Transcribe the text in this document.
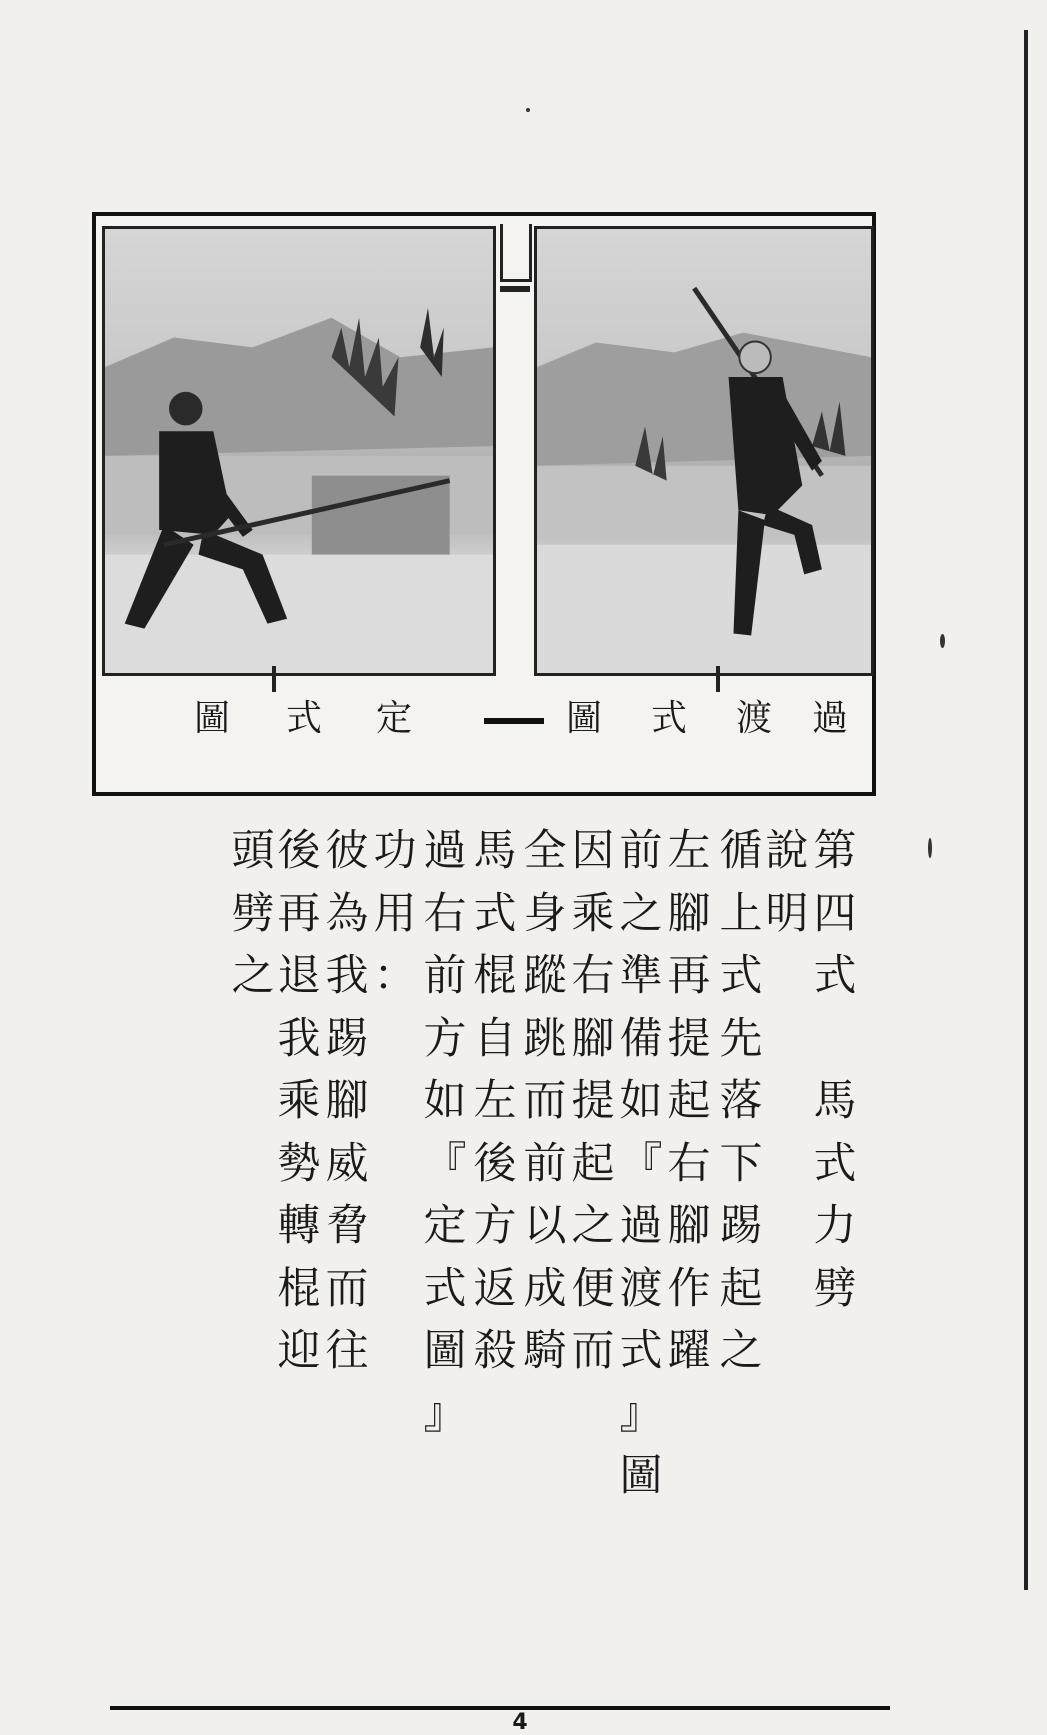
圖 式 定	圖 式 渡 過
第
四
式

馬
式
力
劈
說
明
循
上
式
先
落
下
踢
起
之
左
腳
再
提
起
右
腳
作
躍
前
之
準
備
如
『
過
渡
式
』
圖
因
乘
右
腳
提
起
之
便
而
全
身
蹤
跳
而
前
以
成
騎
馬
式
棍
自
左
後
方
返
殺
過
右
前
方
如
『
定
式
圖
』
功
用
：
彼
為
我
踢
腳
威
脅
而
往
後
再
退
我
乘
勢
轉
棍
迎
頭
劈
之
4
